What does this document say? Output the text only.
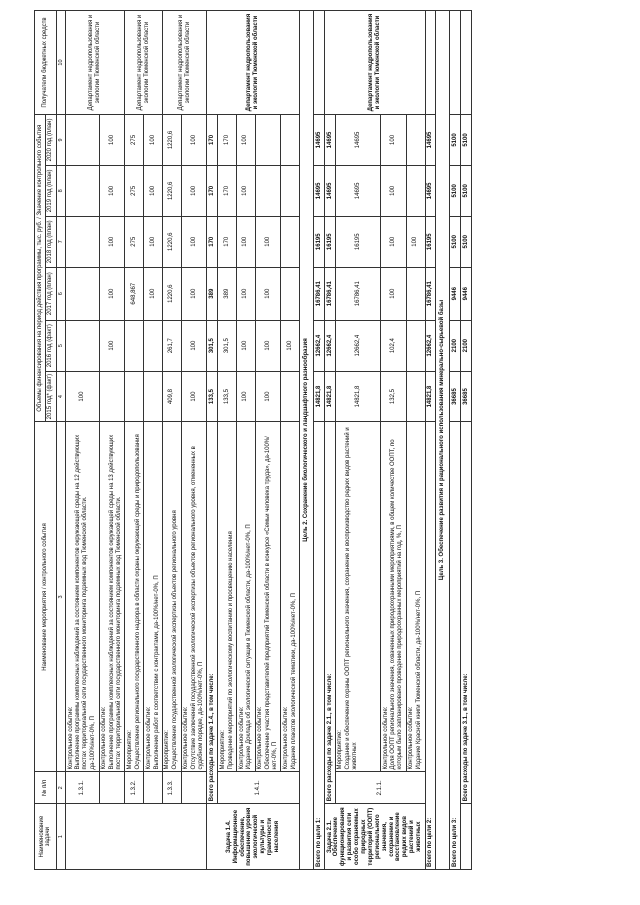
Наименование задачи	№ п/п	Наименование мероприятия / контрольного события	Объемы финансирования на период действия программы, тыс. руб. / Значение контрольного события						Получатели бюджетных средств
			2015 год* (факт)	2016 год (факт)	2017 год (план)	2018 год (план)	2019 год (план)	2020 год (план)	
1	2	3	4	5	6	7	8	9	10
	1.3.1.	Контрольное событие: Выполнение программы комплексных наблюдений за состоянием компонентов окружающей среды на 12 действующих постах территориальной сети государственного мониторинга подземных вод Тюменской области. да-100%/нет-0%, П	100						Департамент недропользования и экологии Тюменской области

		Контрольное событие: Выполнение программы комплексных наблюдений за состоянием компонентов окружающей среды на 13 действующих постах территориальной сети государственного мониторинга подземных вод Тюменской области.		100	100	100	100	100	
	1.3.2.	Мероприятие: Осуществление регионального государственного надзора в области охраны окружающей среды и природопользования			648,867	275	275	275	Департамент недропользования и экологии Тюменской области

		Контрольное событие: Выполнение работ в соответствии с контрактами, да-100%/нет-0%, П			100	100	100	100	
	1.3.3.	Мероприятие: Осуществление государственной экологической экспертизы объектов регионального уровня	409,8	261,7	1220,6	1220,6	1220,6	1220,6	Департамент недропользования и экологии Тюменской области

		Контрольное событие: Отсутствие заключений государственной экологической экспертизы объектов регионального уровня, отмененных в судебном порядке, да-100%/нет-0%, П	100	100	100	100	100	100	
Задача 1.4. Информационное обеспечение, повышение уровня экологической культуры и грамотности населения	Всего расходы по задаче 1.4., в том числе:		133,5	301,5	389	170	170	170	Департамент недропользования и экологии Тюменской области
	1.4.1.	Мероприятие: Проведение мероприятий по экологическому воспитанию и просвещению населения	133,5	301,5	389	170	170	170	

		Контрольное событие: Издание Доклада об экологической ситуации в Тюменской области, да-100%/нет-0%, П	100	100	100	100	100	100	

		Контрольное событие: Обеспечение участия представителей предприятий Тюменской области в конкурсе «Семьи человека труда», да-100%/нет-0%, П	100	100	100	100			

		Контрольное событие: Издание плакатов экологической тематики, да-100%/нет-0%, П		100					
Цель 2. Сохранение биологического и ландшафтного разнообразия									
Всего по цели 1:			14821,8	12662,4	16786,41	16195	14695	14695	
Задача 2.1. Обеспечение функционирования и развития сети особо охраняемых природных территорий (ООПТ) регионального значения, сохранение и восстановление редких видов растений и животных	Всего расходы по задаче 2.1., в том числе:		14821,8	12662,4	16786,41	16195	14695	14695	Департамент недропользования и экологии Тюменской области
	2.1.1.	Мероприятие: Создание и обеспечение охраны ООПТ регионального значения, сохранение и воспроизводство редких видов растений и животных	14821,8	12662,4	16786,41	16195	14695	14695	

		Контрольное событие: Доля ООПТ регионального значения, охваченных природоохранными мероприятиями, в общем количестве ООПТ, по которым было запланировано проведение природоохранных мероприятий на год, %, П	132,5	102,4	100	100	100	100	

		Контрольное событие: Издание Красной книги Тюменской области, да-100%/нет-0%, П				100			
Всего по цели 2:			14821,8	12662,4	16786,41	16195	14695	14695	
Цель 3. Обеспечение развития и рационального использования минерально-сырьевой базы									
Всего по цели 3:			36685	2100	9446	5100	5100	5100	
	Всего расходы по задаче 3.1., в том числе:		36685	2100	9446	5100	5100	5100	
